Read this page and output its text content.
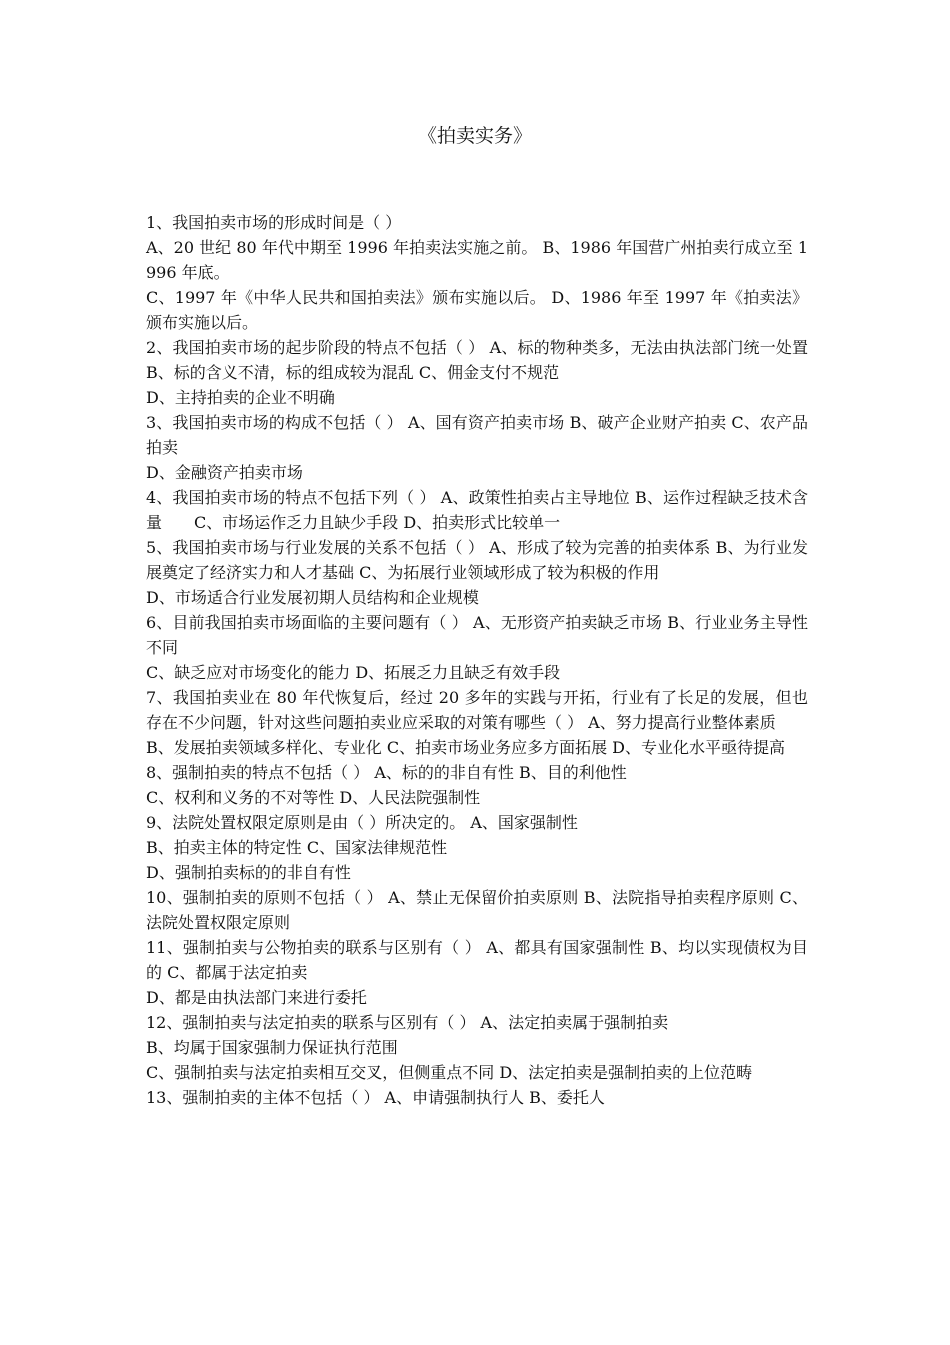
《拍卖实务》

1、我国拍卖市场的形成时间是（ ）

A、20 世纪 80 年代中期至 1996 年拍卖法实施之前。 B、1986 年国营广州拍卖行成立至 1996 年底。

C、1997 年《中华人民共和国拍卖法》颁布实施以后。 D、1986 年至 1997 年《拍卖法》颁布实施以后。

2、我国拍卖市场的起步阶段的特点不包括（ ） A、标的物种类多，无法由执法部门统一处置 B、标的含义不清，标的组成较为混乱 C、佣金支付不规范

D、主持拍卖的企业不明确

3、我国拍卖市场的构成不包括（ ） A、国有资产拍卖市场 B、破产企业财产拍卖 C、农产品拍卖

D、金融资产拍卖市场

4、我国拍卖市场的特点不包括下列（ ） A、政策性拍卖占主导地位 B、运作过程缺乏技术含量　　C、市场运作乏力且缺少手段 D、拍卖形式比较单一

5、我国拍卖市场与行业发展的关系不包括（ ） A、形成了较为完善的拍卖体系 B、为行业发展奠定了经济实力和人才基础 C、为拓展行业领域形成了较为积极的作用

D、市场适合行业发展初期人员结构和企业规模

6、目前我国拍卖市场面临的主要问题有（ ） A、无形资产拍卖缺乏市场 B、行业业务主导性不同

C、缺乏应对市场变化的能力 D、拓展乏力且缺乏有效手段

7、我国拍卖业在 80 年代恢复后，经过 20 多年的实践与开拓，行业有了长足的发展，但也存在不少问题，针对这些问题拍卖业应采取的对策有哪些（ ） A、努力提高行业整体素质

B、发展拍卖领域多样化、专业化 C、拍卖市场业务应多方面拓展 D、专业化水平亟待提高

8、强制拍卖的特点不包括（ ） A、标的的非自有性 B、目的利他性

C、权利和义务的不对等性 D、人民法院强制性

9、法院处置权限定原则是由（ ）所决定的。 A、国家强制性

B、拍卖主体的特定性 C、国家法律规范性

D、强制拍卖标的的非自有性

10、强制拍卖的原则不包括（ ） A、禁止无保留价拍卖原则 B、法院指导拍卖程序原则 C、法院处置权限定原则

11、强制拍卖与公物拍卖的联系与区别有（ ） A、都具有国家强制性 B、均以实现债权为目的 C、都属于法定拍卖

D、都是由执法部门来进行委托

12、强制拍卖与法定拍卖的联系与区别有（ ） A、法定拍卖属于强制拍卖

B、均属于国家强制力保证执行范围

C、强制拍卖与法定拍卖相互交叉，但侧重点不同 D、法定拍卖是强制拍卖的上位范畴

13、强制拍卖的主体不包括（ ） A、申请强制执行人 B、委托人
